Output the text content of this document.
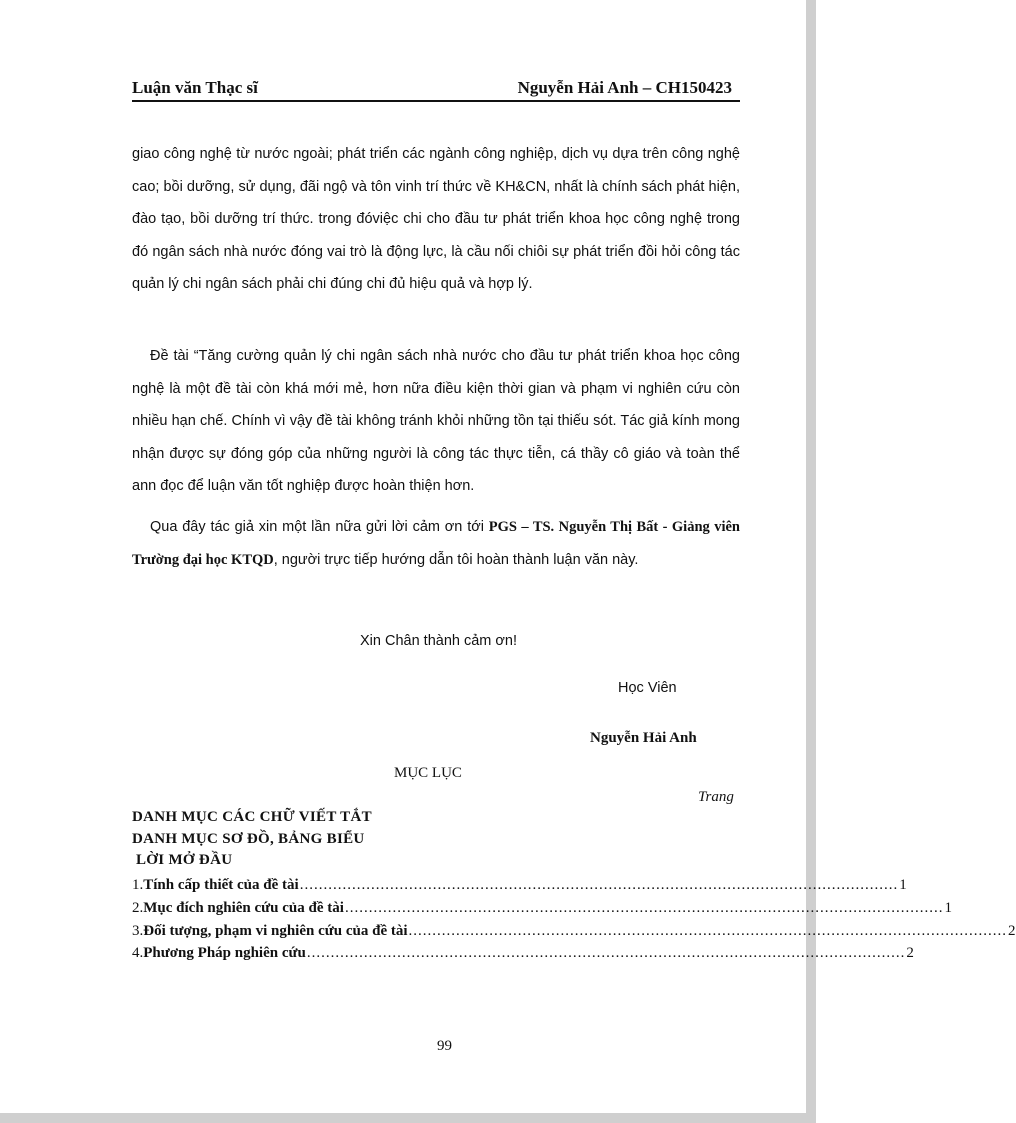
Luận văn Thạc sĩ	Nguyễn Hải Anh – CH150423

giao công nghệ từ nước ngoài; phát triển các ngành công nghiệp, dịch vụ dựa trên công nghệ cao; bồi dưỡng, sử dụng, đãi ngộ và tôn vinh trí thức về KH&CN, nhất là chính sách phát hiện, đào tạo, bồi dưỡng trí thức. trong đóviệc chi cho đầu tư phát triển khoa học công nghệ trong đó ngân sách nhà nước đóng vai trò là động lực, là cầu nối chiôi sự phát triển đồi hỏi công tác quản lý chi ngân sách phải chi đúng chi đủ hiệu quả và hợp lý.

Đề tài “Tăng cường quản lý chi ngân sách nhà nước cho đầu tư phát triển khoa học công nghệ là một đề tài còn khá mới mẻ, hơn nữa điều kiện thời gian và phạm vi nghiên cứu còn nhiều hạn chế. Chính vì vậy đề tài không tránh khỏi những tồn tại thiếu sót. Tác giả kính mong nhận được sự đóng góp của những người là công tác thực tiễn, cá thầy cô giáo và toàn thể ann đọc để luận văn tốt nghiệp được hoàn thiện hơn.

Qua đây tác giả xin một lần nữa gửi lời cảm ơn tới PGS – TS. Nguyễn Thị Bất - Giảng viên Trường đại học KTQD, người trực tiếp hướng dẫn tôi hoàn thành luận văn này.

Xin Chân thành cảm ơn!
Học Viên
Nguyễn Hải Anh
MỤC LỤC
Trang
DANH MỤC CÁC CHỮ VIẾT TẮT
DANH MỤC SƠ ĐỒ, BẢNG BIỂU
LỜI MỞ ĐẦU
1. Tính cấp thiết của đề tài .............................................................................................................................. 1
2. Mục đích nghiên cứu của đề tài .............................................................................................................................. 1
3. Đối tượng, phạm vi nghiên cứu của đề tài .............................................................................................................................. 2
4. Phương Pháp nghiên cứu .............................................................................................................................. 2
99
